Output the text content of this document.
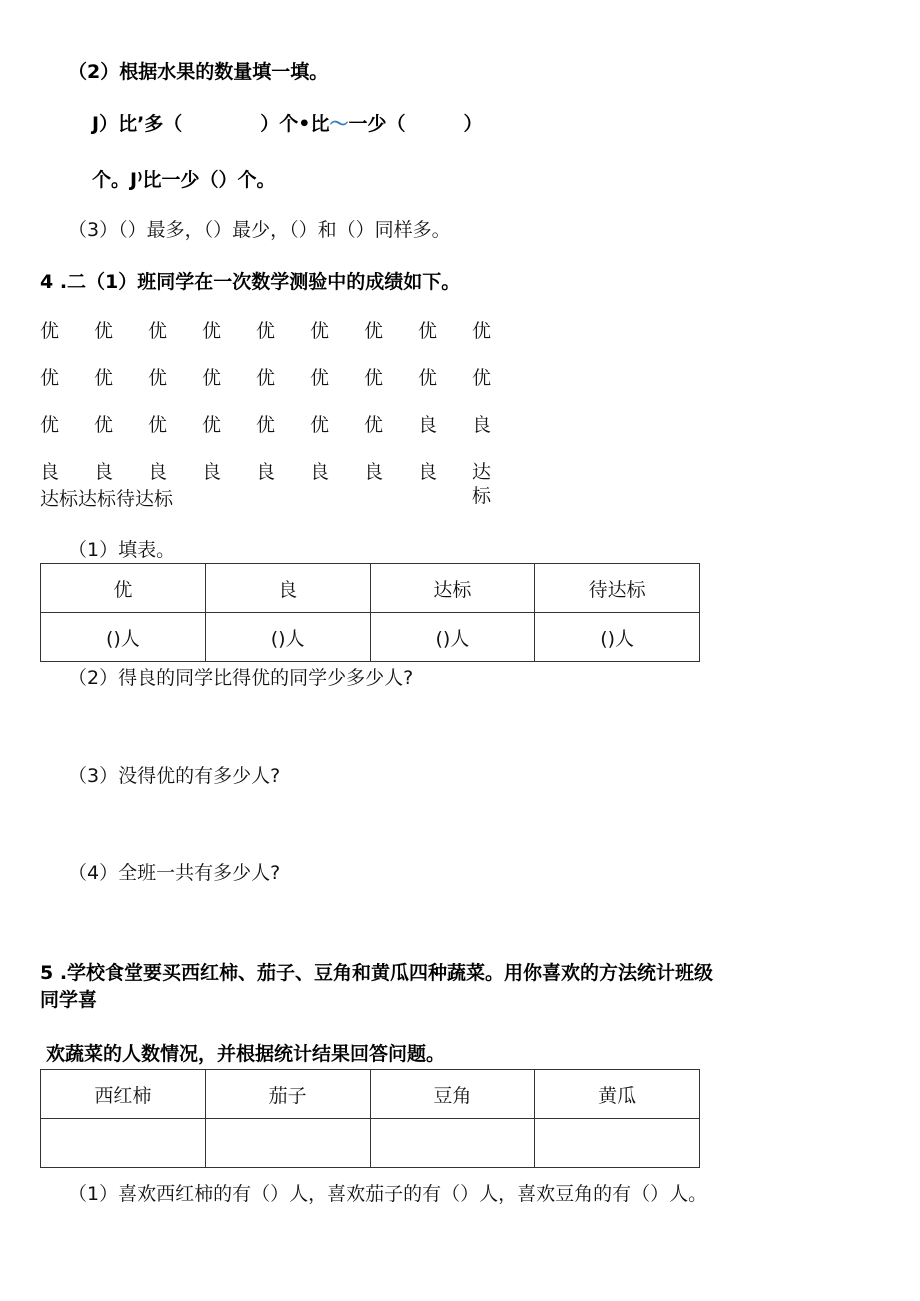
（2）根据水果的数量填一填。
J）比’多（	）个•比～一少（	）
个。J⁾比一少（）个。
（3）（）最多，（）最少，（）和（）同样多。
4 .二（1）班同学在一次数学测验中的成绩如下。
优 优 优 优 优 优 优 优 优
优 优 优 优 优 优 优 优 优
优 优 优 优 优 优 优 良 良
良 良 良 良 良 良 良 良 达标
达标达标待达标
（1）填表。
优	良	达标	待达标
()人	()人	()人	()人
（2）得良的同学比得优的同学少多少人?
（3）没得优的有多少人?
（4）全班一共有多少人?
5 .学校食堂要买西红柿、茄子、豆角和黄瓜四种蔬菜。用你喜欢的方法统计班级
同学喜
欢蔬菜的人数情况，并根据统计结果回答问题。
西红柿	茄子	豆角	黄瓜

（1）喜欢西红柿的有（）人，喜欢茄子的有（）人，喜欢豆角的有（）人。
